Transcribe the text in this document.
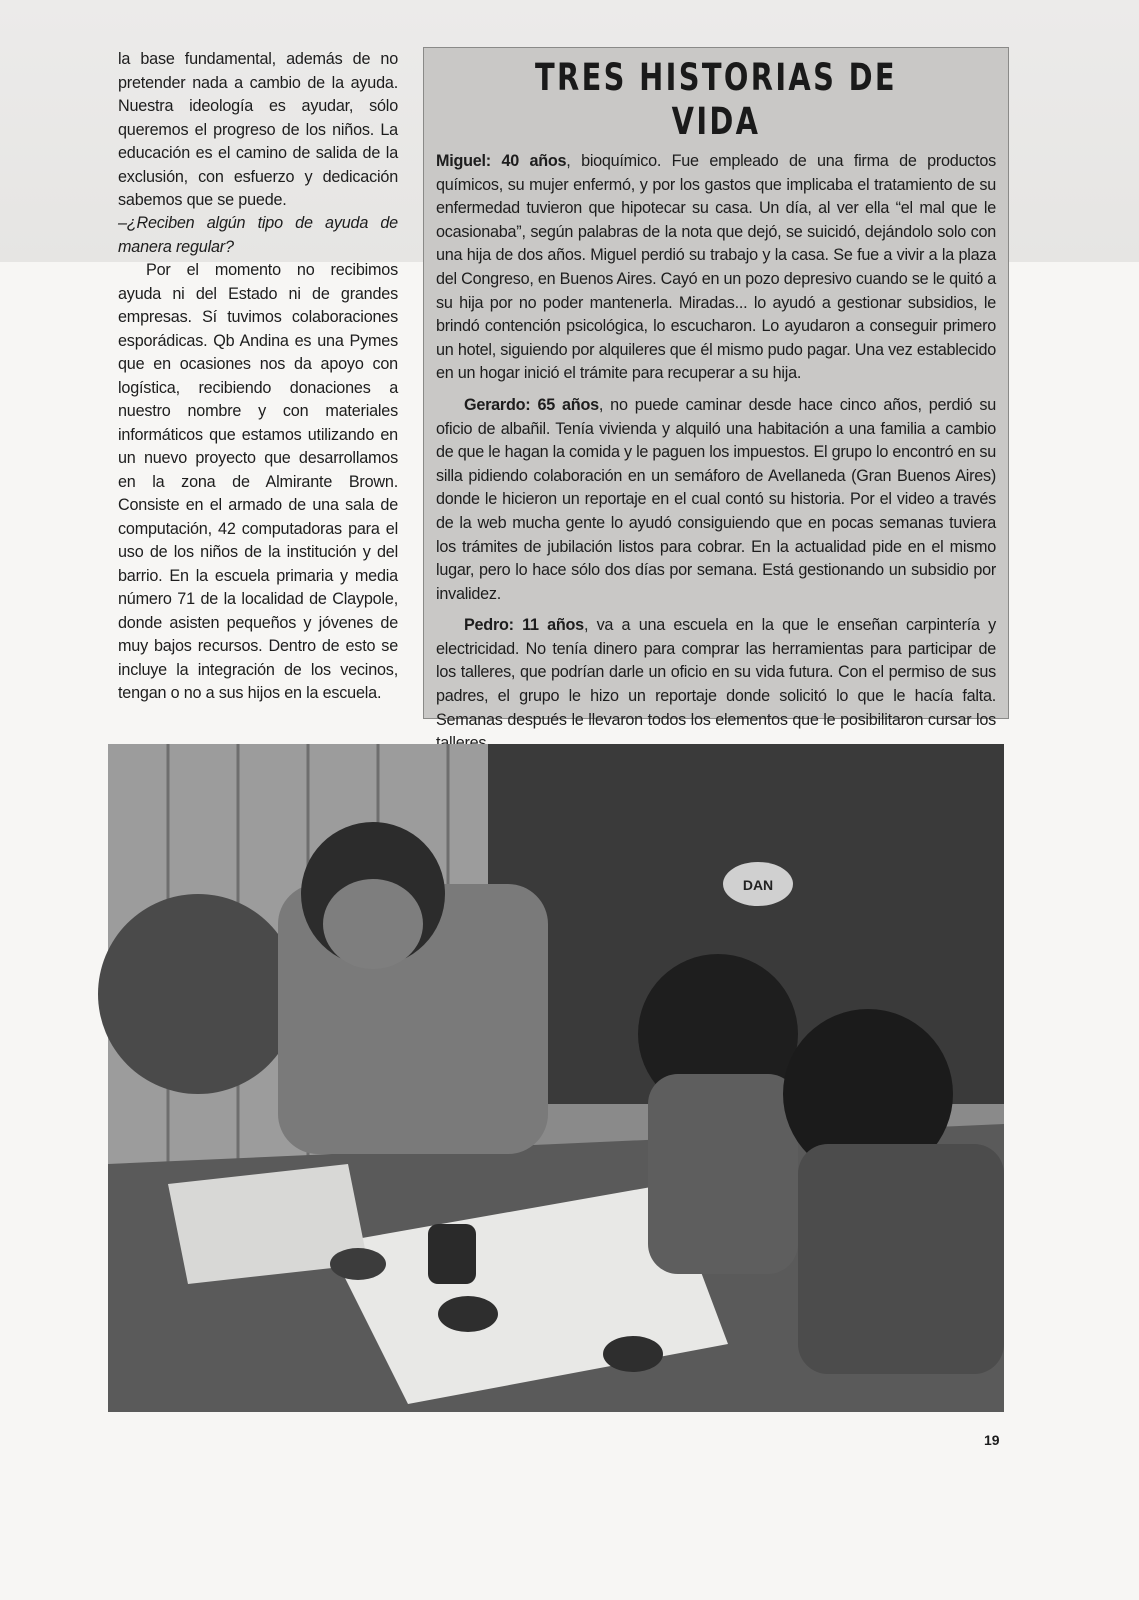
la base fundamental, además de no pretender nada a cambio de la ayuda. Nuestra ideología es ayudar, sólo queremos el progreso de los niños. La educación es el camino de salida de la exclusión, con esfuerzo y dedicación sabemos que se puede.

–¿Reciben algún tipo de ayuda de manera regular?

Por el momento no recibimos ayuda ni del Estado ni de grandes empresas. Sí tuvimos colaboraciones esporádicas. Qb Andina es una Pymes que en ocasiones nos da apoyo con logística, recibiendo donaciones a nuestro nombre y con materiales informáticos que estamos utilizando en un nuevo proyecto que desarrollamos en la zona de Almirante Brown. Consiste en el armado de una sala de computación, 42 computadoras para el uso de los niños de la institución y del barrio. En la escuela primaria y media número 71 de la localidad de Claypole, donde asisten pequeños y jóvenes de muy bajos recursos. Dentro de esto se incluye la integración de los vecinos, tengan o no a sus hijos en la escuela.

TRES HISTORIAS DE VIDA

Miguel: 40 años, bioquímico. Fue empleado de una firma de productos químicos, su mujer enfermó, y por los gastos que implicaba el tratamiento de su enfermedad tuvieron que hipotecar su casa. Un día, al ver ella “el mal que le ocasionaba”, según palabras de la nota que dejó, se suicidó, dejándolo solo con una hija de dos años. Miguel perdió su trabajo y la casa. Se fue a vivir a la plaza del Congreso, en Buenos Aires. Cayó en un pozo depresivo cuando se le quitó a su hija por no poder mantenerla. Miradas... lo ayudó a gestionar subsidios, le brindó contención psicológica, lo escucharon. Lo ayudaron a conseguir primero un hotel, siguiendo por alquileres que él mismo pudo pagar. Una vez establecido en un hogar inició el trámite para recuperar a su hija.

Gerardo: 65 años, no puede caminar desde hace cinco años, perdió su oficio de albañil. Tenía vivienda y alquiló una habitación a una familia a cambio de que le hagan la comida y le paguen los impuestos. El grupo lo encontró en su silla pidiendo colaboración en un semáforo de Avellaneda (Gran Buenos Aires) donde le hicieron un reportaje en el cual contó su historia. Por el video a través de la web mucha gente lo ayudó consiguiendo que en pocas semanas tuviera los trámites de jubilación listos para cobrar. En la actualidad pide en el mismo lugar, pero lo hace sólo dos días por semana. Está gestionando un subsidio por invalidez.

Pedro: 11 años, va a una escuela en la que le enseñan carpintería y electricidad. No tenía dinero para comprar las herramientas para participar de los talleres, que podrían darle un oficio en su vida futura. Con el permiso de sus padres, el grupo le hizo un reportaje donde solicitó lo que le hacía falta. Semanas después le llevaron todos los elementos que le posibilitaron cursar los

DAN
19
